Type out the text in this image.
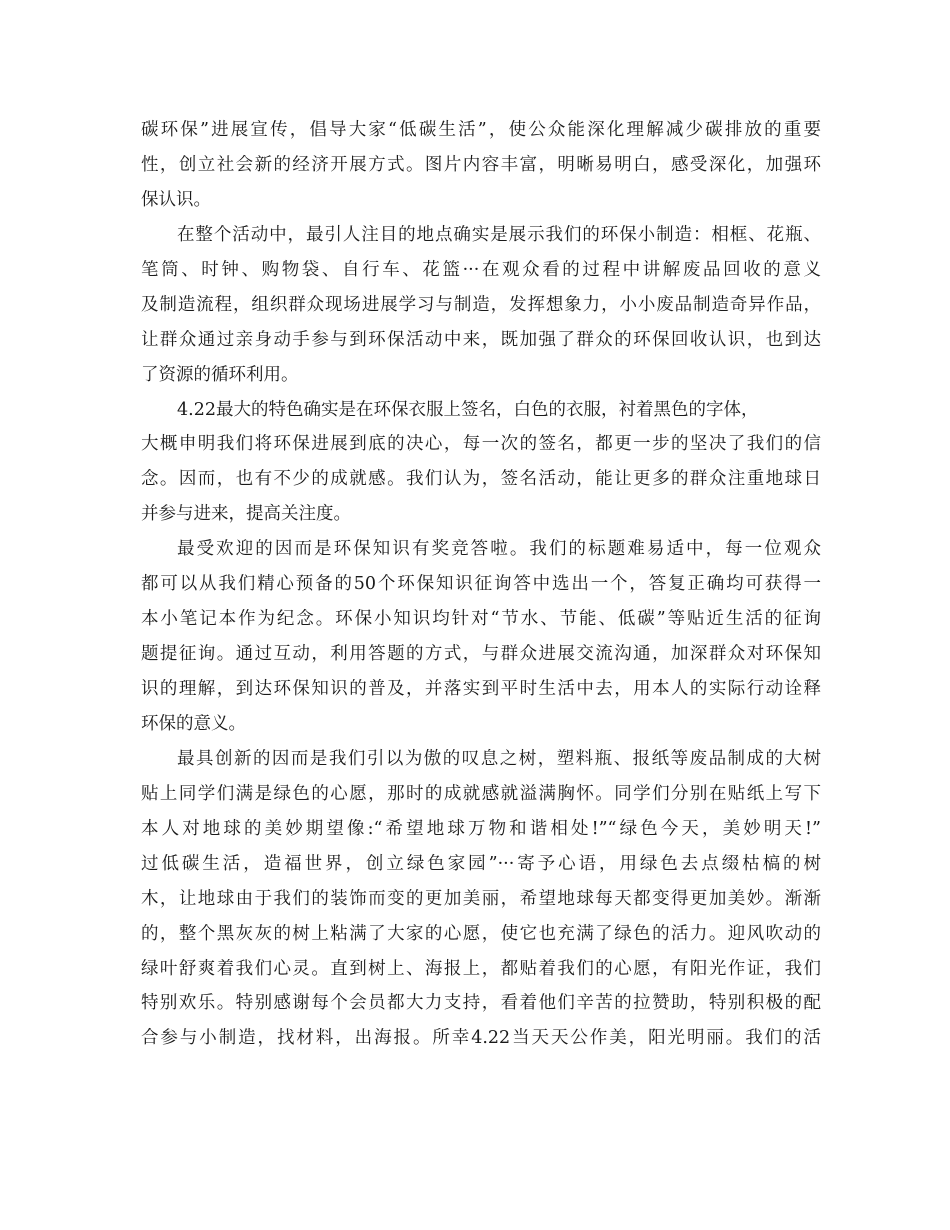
碳环保”进展宣传，倡导大家“低碳生活”，使公众能深化理解减少碳排放的重要
性，创立社会新的经济开展方式。图片内容丰富，明晰易明白，感受深化，加强环
保认识。
在整个活动中，最引人注目的地点确实是展示我们的环保小制造：相框、花瓶、
笔筒、时钟、购物袋、自行车、花篮···在观众看的过程中讲解废品回收的意义
及制造流程，组织群众现场进展学习与制造，发挥想象力，小小废品制造奇异作品，
让群众通过亲身动手参与到环保活动中来，既加强了群众的环保回收认识，也到达
了资源的循环利用。
4.22最大的特色确实是在环保衣服上签名，白色的衣服，衬着黑色的字体，
大概申明我们将环保进展到底的决心，每一次的签名，都更一步的坚决了我们的信
念。因而，也有不少的成就感。我们认为，签名活动，能让更多的群众注重地球日
并参与进来，提高关注度。
最受欢迎的因而是环保知识有奖竞答啦。我们的标题难易适中，每一位观众
都可以从我们精心预备的50个环保知识征询答中选出一个，答复正确均可获得一
本小笔记本作为纪念。环保小知识均针对“节水、节能、低碳”等贴近生活的征询
题提征询。通过互动，利用答题的方式，与群众进展交流沟通，加深群众对环保知
识的理解，到达环保知识的普及，并落实到平时生活中去，用本人的实际行动诠释
环保的意义。
最具创新的因而是我们引以为傲的叹息之树，塑料瓶、报纸等废品制成的大树
贴上同学们满是绿色的心愿，那时的成就感就溢满胸怀。同学们分别在贴纸上写下
本人对地球的美妙期望像:“希望地球万物和谐相处!”“绿色今天，美妙明天!”
过低碳生活，造福世界，创立绿色家园”···寄予心语，用绿色去点缀枯槁的树
木，让地球由于我们的装饰而变的更加美丽，希望地球每天都变得更加美妙。渐渐
的，整个黑灰灰的树上粘满了大家的心愿，使它也充满了绿色的活力。迎风吹动的
绿叶舒爽着我们心灵。直到树上、海报上，都贴着我们的心愿，有阳光作证，我们
特别欢乐。特别感谢每个会员都大力支持，看着他们辛苦的拉赞助，特别积极的配
合参与小制造，找材料，出海报。所幸4.22当天天公作美，阳光明丽。我们的活
